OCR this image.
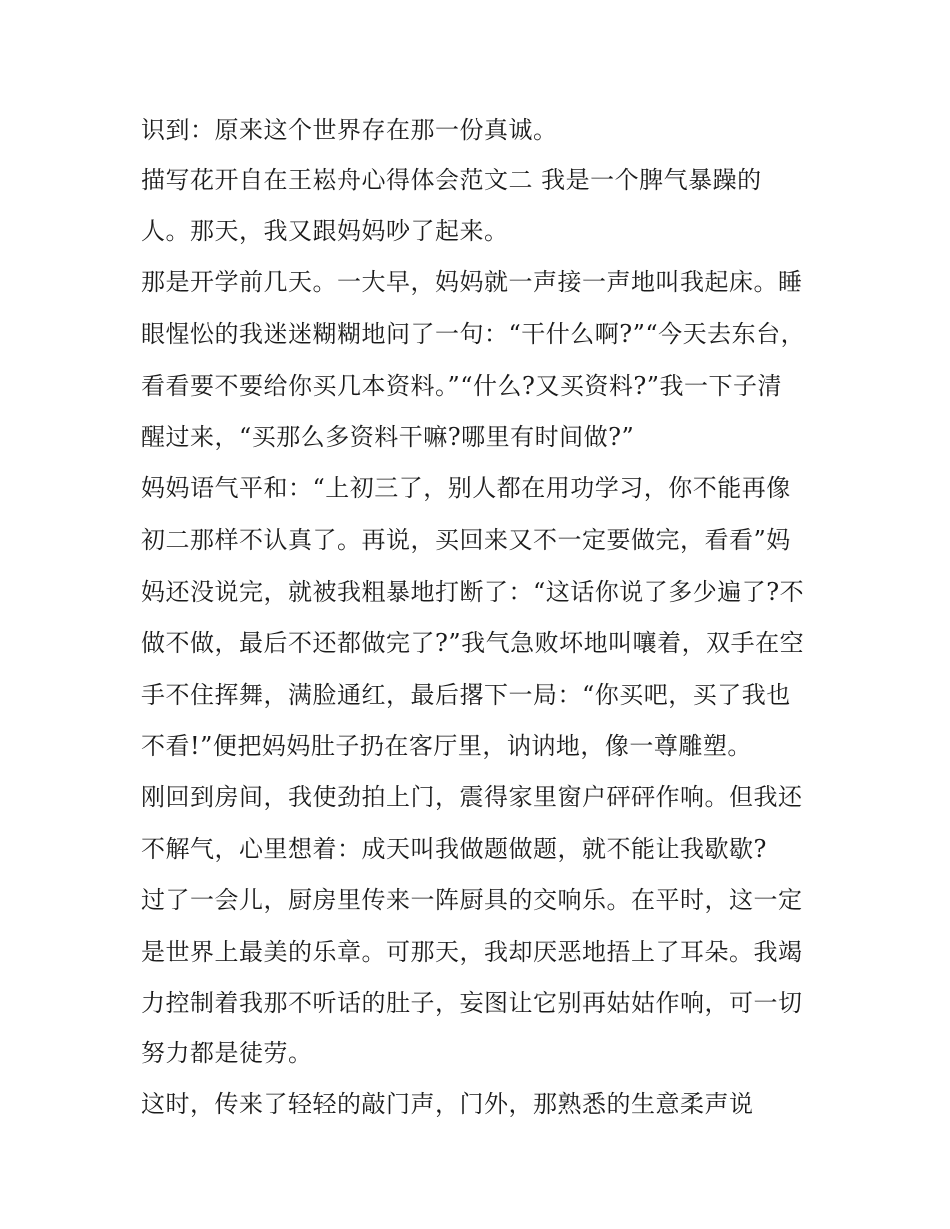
识到：原来这个世界存在那一份真诚。
描写花开自在王崧舟心得体会范文二 我是一个脾气暴躁的
人。那天，我又跟妈妈吵了起来。
那是开学前几天。一大早，妈妈就一声接一声地叫我起床。睡
眼惺忪的我迷迷糊糊地问了一句：“干什么啊?”“今天去东台，
看看要不要给你买几本资料。”“什么?又买资料?”我一下子清
醒过来，“买那么多资料干嘛?哪里有时间做?”
妈妈语气平和：“上初三了，别人都在用功学习，你不能再像
初二那样不认真了。再说，买回来又不一定要做完，看看”妈
妈还没说完，就被我粗暴地打断了：“这话你说了多少遍了?不
做不做，最后不还都做完了?”我气急败坏地叫嚷着，双手在空
手不住挥舞，满脸通红，最后撂下一局：“你买吧，买了我也
不看!”便把妈妈肚子扔在客厅里，讷讷地，像一尊雕塑。
刚回到房间，我使劲拍上门，震得家里窗户砰砰作响。但我还
不解气，心里想着：成天叫我做题做题，就不能让我歇歇?
过了一会儿，厨房里传来一阵厨具的交响乐。在平时，这一定
是世界上最美的乐章。可那天，我却厌恶地捂上了耳朵。我竭
力控制着我那不听话的肚子，妄图让它别再姑姑作响，可一切
努力都是徒劳。
这时，传来了轻轻的敲门声，门外，那熟悉的生意柔声说
